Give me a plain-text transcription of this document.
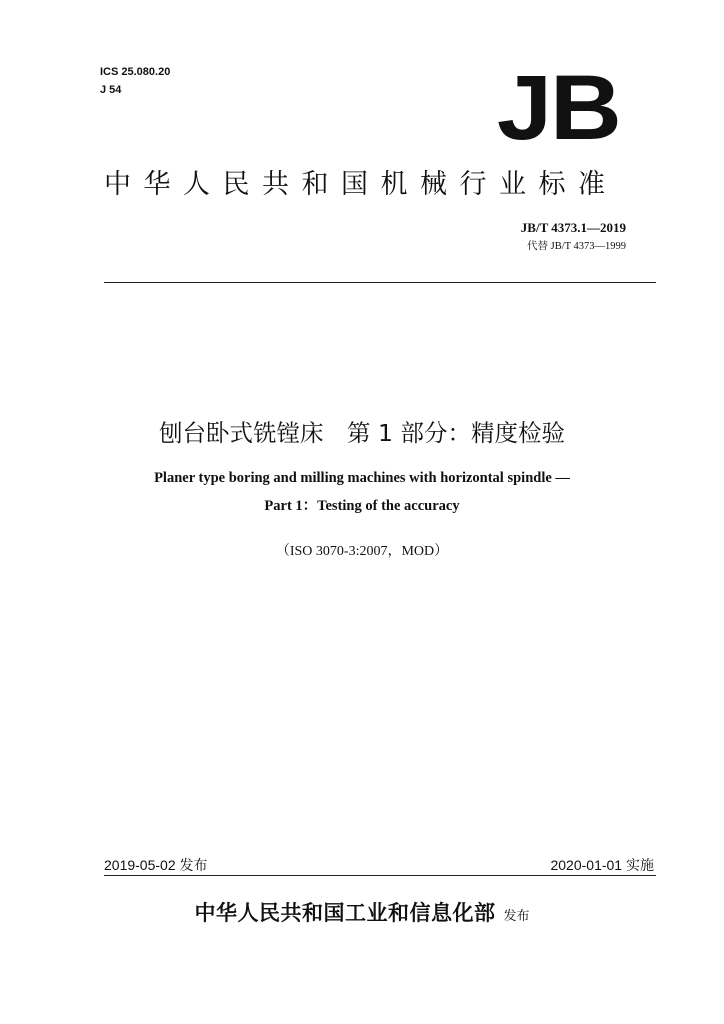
ICS 25.080.20
J 54	JB
中华人民共和国机械行业标准
JB/T 4373.1—2019
代替 JB/T 4373—1999
刨台卧式铣镗床　第 1 部分：精度检验
Planer type boring and milling machines with horizontal spindle —
Part 1：Testing of the accuracy
（ISO 3070-3:2007，MOD）
2019-05-02 发布	2020-01-01 实施
中华人民共和国工业和信息化部 发布
